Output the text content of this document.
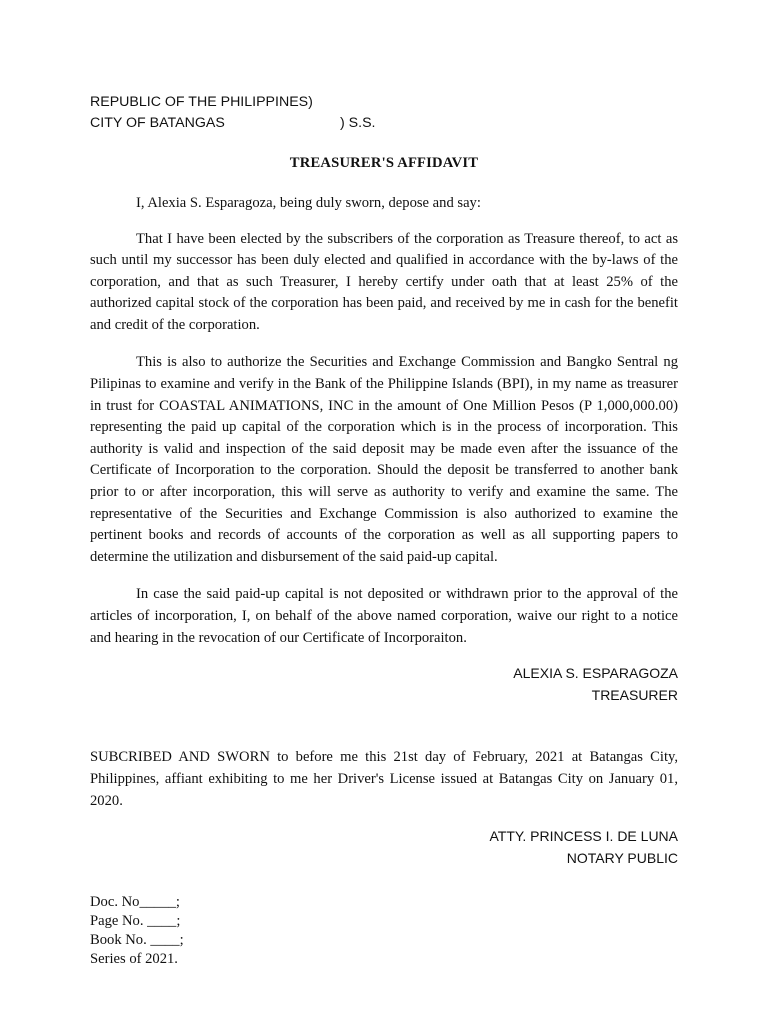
REPUBLIC OF THE PHILIPPINES)
CITY OF BATANGAS	) S.S.
TREASURER'S AFFIDAVIT
I, Alexia S. Esparagoza, being duly sworn, depose and say:

That I have been elected by the subscribers of the corporation as Treasure thereof, to act as such until my successor has been duly elected and qualified in accordance with the by-laws of the corporation, and that as such Treasurer, I hereby certify under oath that at least 25% of the authorized capital stock of the corporation has been paid, and received by me in cash for the benefit and credit of the corporation.

This is also to authorize the Securities and Exchange Commission and Bangko Sentral ng Pilipinas to examine and verify in the Bank of the Philippine Islands (BPI), in my name as treasurer in trust for COASTAL ANIMATIONS, INC in the amount of One Million Pesos (P 1,000,000.00) representing the paid up capital of the corporation which is in the process of incorporation. This authority is valid and inspection of the said deposit may be made even after the issuance of the Certificate of Incorporation to the corporation. Should the deposit be transferred to another bank prior to or after incorporation, this will serve as authority to verify and examine the same. The representative of the Securities and Exchange Commission is also authorized to examine the pertinent books and records of accounts of the corporation as well as all supporting papers to determine the utilization and disbursement of the said paid-up capital.

In case the said paid-up capital is not deposited or withdrawn prior to the approval of the articles of incorporation, I, on behalf of the above named corporation, waive our right to a notice and hearing in the revocation of our Certificate of Incorporaiton.

ALEXIA S. ESPARAGOZA
TREASURER

SUBCRIBED AND SWORN to before me this 21st day of February, 2021 at Batangas City, Philippines, affiant exhibiting to me her Driver's License issued at Batangas City on January 01, 2020.

ATTY. PRINCESS I. DE LUNA
NOTARY PUBLIC
Doc. No_____;
Page No. ____;
Book No. ____;
Series of 2021.
